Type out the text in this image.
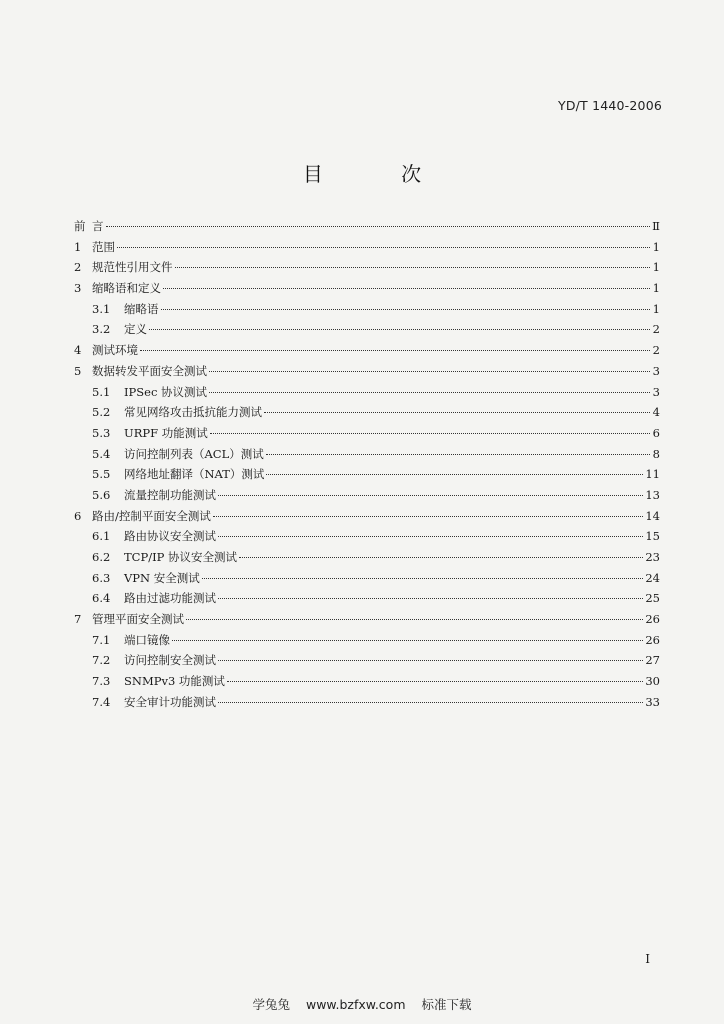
YD/T 1440-2006
目 次
前 言	Ⅱ
1 范围	1
2 规范性引用文件	1
3 缩略语和定义	1
3.1	缩略语	1
3.2	定义	2
4 测试环境	2
5 数据转发平面安全测试	3
5.1	IPSec 协议测试	3
5.2	常见网络攻击抵抗能力测试	4
5.3	URPF 功能测试	6
5.4	访问控制列表（ACL）测试	8
5.5	网络地址翻译（NAT）测试	11
5.6	流量控制功能测试	13
6 路由/控制平面安全测试	14
6.1	路由协议安全测试	15
6.2	TCP/IP 协议安全测试	23
6.3	VPN 安全测试	24
6.4	路由过滤功能测试	25
7 管理平面安全测试	26
7.1	端口镜像	26
7.2	访问控制安全测试	27
7.3	SNMPv3 功能测试	30
7.4	安全审计功能测试	33
I
学兔兔 www.bzfxw.com 标准下载
